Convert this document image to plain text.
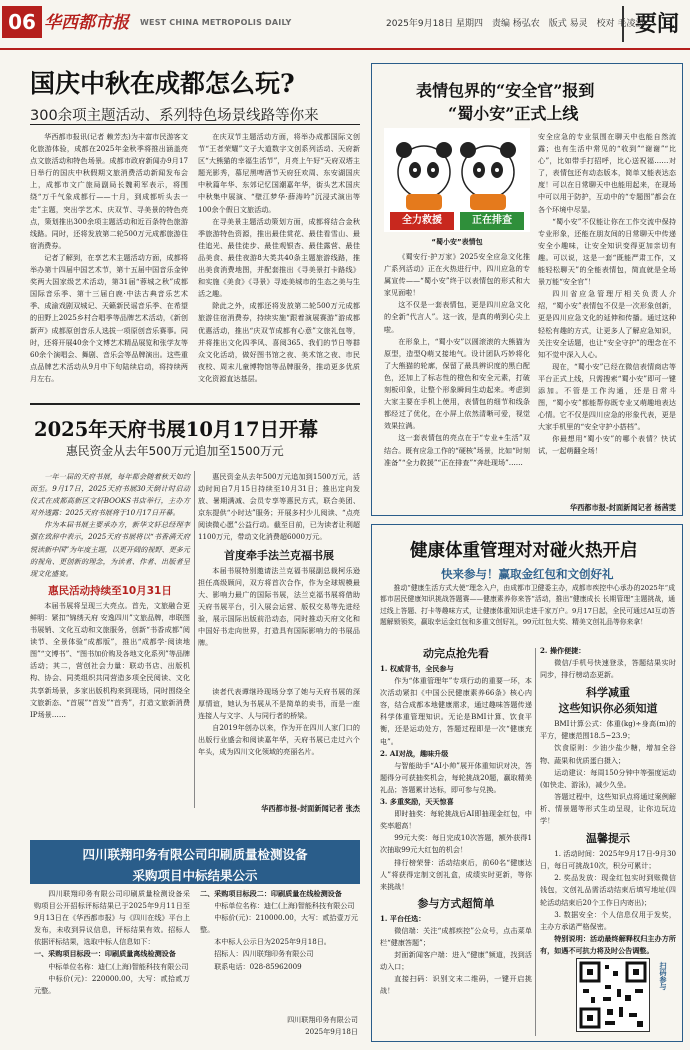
06 华西都市报 WEST CHINA METROPOLIS DAILY	2025年9月18日 星期四　责编 杨弘农　版式 易灵　校对 毛凌波
要闻
国庆中秋在成都怎么玩?
300余项主题活动、系列特色场景线路等你来

华西都市报讯(记者 赖芳杰)为丰富市民游客文化旅游体验，成都在2025年金秋季将推出涵盖亮点文旅活动和特色场景。成都市政府新闻办9月17日举行的国庆中秋假期文旅消费活动新闻发布会上，成都市文广旅局副局长魏莉军表示，将围绕“万千气象成都行——十月，到成都听头去一走”主题，突出学艺术、庆双节、寻美景的特色亮点，策划推出300余项主题活动和近百条特色旅游线路。同时，还将发放第二轮500万元成都旅游住宿消费券。

记者了解到，在享艺术主题活动方面，成都将举办第十四届中国艺术节，第十五届中国音乐金钟奖两大国家级艺术活动，第31届“蓉城之秋”成都国际音乐季、第十三届白鹿·中法古典音乐艺术季、成渝戏剧双城记、天籁新民谣音乐季、在希望的田野上2025乡村合唱季等品牌艺术活动，《新创新声》成都原创音乐人选拔一项原创音乐赛事。同时，还将开展40余个文博艺术精品展览和张学友等60余个演唱会、舞剧、音乐会等品牌演出。这些重点品牌艺术活动从9月中下旬陆续启动，将持续两月左右。

在庆双节主题活动方面，将举办成都国际文创节“王者荣耀”文子大道数字文创系列活动、天府新区“大熊猫的幸福生活节”，月亮上午好“天府双塔主题光影秀，慕尼黑啤酒节天府狂欢周、东安湖国庆中秋篇年华、东郊记忆国潮嘉年华，街头艺术国庆中秋集中展演、“壁江梦华·薛涛吟”沉浸式演出等100余个假日文旅活动。

在寻美景主题活动策划方面，成都将结合金秋季旅游特色资源，推出最佳赏花、最佳看雪山、最佳追光、最佳徒步、最佳观银杏、最佳露营、最佳品美食、最佳夜游8大类共40条主题旅游线路，推出美食消费地图，并配套推出《寻美景打卡路线》和实施《美食》《寻景》寻迹美城市的生态之美与生活之趣。

除此之外，成都还将发放第二轮500万元成都旅游住宿消费券，持续实施“跟着演展赛游”游成都优惠活动，推出“庆双节成都有心意”文旅礼包等，并将推出文化四季风、喜阅365、我们的节日等群众文化活动，做好图书馆之夜、美术馆之夜、市民夜校、周末儿童博物馆等品牌服务，推动更多优质文化资源直达基层。

2025年天府书展10月17日开幕
惠民资金从去年500万元追加至1500万元

一年一届的天府书展，每年都会随着秋天如约而至。9月17日，2025天府书展30天倒计时启动仪式在成都高新区文轩BOOKS书店举行，主办方对外透露：2025天府书展将于10月17日开幕。

作为本届书展主要承办方，新华文轩总经理李强在致辞中表示，2025天府书展将以“书香满天府 悦读新中国”为年度主题，以更开阔的视野、更多元的视角、更创新的理念，为读者、作者、出版者呈现文化盛宴。

惠民活动持续至10月31日

本届书展将呈现三大亮点。首先，文旅融合更鲜明：紧扣“锦绣天府 安逸四川”文旅品牌，串联图书展销、文化互动和文旅服务，创新“书香成都”阅读节、全景体验“成都版”，推出“成都学·阅读地图”“文博书”、“图书加价购及各地文化系列”等品牌活动；其二，营创社会力量：联动书店、出版机构、协会、同类组织共同营造多项全民阅读、文化共享新场景，多家出版机构来到现场，同时围绕全文旅新态、“首展”“首发”“首秀”，打造文旅新消费IP场景……

惠民资金从去年500万元追加到1500万元，活动时间自7月15日持续至10月31日；推出定向发放、暑期满减、会员专享等惠民方式，联合美团、京东提供“小时达”服务；开展多村少儿阅读、“点亮阅读微心愿”公益行动。截至目前，已为读者让利超1100万元，带动文化消费超6000万元。

首度牵手法兰克福书展

本届书展特别邀请法兰克福书展副总裁柯乐逊担任高级顾问，双方将首次合作，作为全球规模最大、影响力最广的国际书展，法兰克福书展将借助天府书展平台，引入展会运营、版权交易等先进经验，展示国际出版前沿动态，同时推动天府文化和中国好书走向世界，打造具有国际影响力的书展品牌。

读者代表谭继玲现场分享了她与天府书展的深厚情谊，她认为书展从不是简单的卖书，而是一座连接人与文字、人与同行者的桥梁。

自2019年创办以来，作为开在四川人家门口的出版行业盛会和阅读嘉年华，天府书展已走过六个年头，成为四川文化领域的亮丽名片。

华西都市报-封面新闻记者 张杰
表情包界的“安全官”报到
“蜀小安”正式上线
全力救援	正在排查
“蜀小安”表情包

《蜀安行·护万家》2025安全应急文化推广系列活动》正在火热进行中，四川应急的专属宣传——“蜀小安”终于以表情包的形式和大家见面啦！

这不仅是一套表情包，更是四川应急文化的全新“代言人”。这一波，是真的萌到心尖上啦。

在形象上，“蜀小安”以圆滚滚的大熊猫为原型，造型Q萌又接地气。设计团队巧妙将化了大熊猫的轮廓，保留了最具辨识度的黑白配色，还加上了标志性的橙色和安全元素，打破刻板印象，让整个形象瞬间生动起来。考虑到大家主要在手机上使用，表情包的细节和线条都经过了优化，在小屏上依然清晰可爱，视觉效果拉满。

这一套表情包的亮点在于“专业+生活”双结合。既有应急工作的“硬核”场景，比如“时刻准备”“全力救援”“正在排查”“奔赴现场”……

安全应急的专业氛围在聊天中也能自然流露；也有生活中常见的“收到”“谢谢”“比心”，比如带手打招呼，比心送祝福……对了，表情包还有动态版本，简单又能表达态度！可以在日常聊天中也能用起来，在现场中可以用于防护，互动中的“专题图”都会在各个环境中尽显。

“蜀小安”不仅能让你在工作交流中保持专业形象，还能在朋友间的日常聊天中传递安全小趣味，让安全知识变得更加亲切有趣。可以说，这是一套“既能严肃工作，又能轻松聊天”的全能表情包，简直就是全场景万能“安全官”！

四川省应急管理厅相关负责人介绍，“蜀小安”表情包不仅是一次形象创新，更是四川应急文化的延伸和传播。通过这种轻松有趣的方式，让更多人了解应急知识，关注安全话题，也让“安全守护”的理念在不知不觉中深入人心。

现在，“蜀小安”已经在微信表情商店等平台正式上线，只需搜索“蜀小安”即可一键添加。不管是工作沟通，还是日常斗图，“蜀小安”都能帮你既专业又萌趣地表达心情。它不仅是四川应急的形象代表，更是大家手机里的“安全守护小搭档”。

你最想用“蜀小安”的哪个表情？快试试，一起萌翻全场！

华西都市报-封面新闻记者 杨茜雯
健康体重管理对对碰火热开启
快来参与！赢取金红包和文创好礼

推动“健康生活方式大使”理念入户，由成都市卫健委主办，成都市疾控中心承办的2025年“成都市居民健康知识挑战答题赛——健康素养你来答”活动，推出“健康成长 长期管理”主题挑战，通过线上答题、打卡等趣味方式，让健康体重知识走进千家万户。9月17日起，全民可通过AI互动答题解锁领奖，赢取幸运金红包和多重文创好礼，99元红包大奖、精美文创礼品等你来拿！

动完点抢先看
1. 权威背书，全民参与

作为“体重管理年”专项行动的重要一环，本次活动紧扣《中国公民健康素养66条》核心内容，结合成都本地健康需求，通过趣味答题传递科学体重管理知识。无论是BMI计算、饮食平衡，还是运动处方，答题过程即是一次“健康充电”。

2. AI对战，趣味升级

与智能助手“AI小帅”展开体重知识对决，答题得分可获抽奖机会，每轮挑战20题，赢取精美礼品；答题累计达标，即可参与兑换。

3. 多重奖励，天天惊喜

即时抽奖：每轮挑战后AI即抽现金红包，中奖率超高！

99元大奖：每日完成10次答题，额外获得1次抽取99元大红包的机会！

排行榜荣誉：活动结束后，前60名“健康达人”将获得定制文创礼盒，成绩实时更新，等你来挑战！

参与方式超简单
1. 平台任选：

微信端：关注“成都疾控”公众号，点击菜单栏“健康答题”；

封面新闻客户端：进入“健康”频道，找到活动入口；

直接扫码：识别文末二维码，一键开启挑战！

2. 操作便捷：

微信/手机号快速登录，答题结果实时同步，排行榜动态更新。

科学减重
这些知识你必须知道

BMI计算公式：体重(kg)÷身高(m)的平方，健康范围18.5~23.9；

饮食原则：少油少盐少糖，增加全谷物、蔬果和优质蛋白摄入；

运动建议：每周150分钟中等强度运动(如快走、游泳)，减少久坐。

答题过程中，这些知识点将通过案例解析、情景题等形式生动呈现，让你边玩边学！

温馨提示

1. 活动时间：2025年9月17日-9月30日，每日可挑战10次，积分可累计；

2. 奖品发放：现金红包实时到账微信钱包，文创礼品需活动结束后填写地址(四轮活动结束后20个工作日内寄出)；

3. 数据安全：个人信息仅用于发奖，主办方承诺严格保密。

特别说明：活动最终解释权归主办方所有，如遇不可抗力将及时公告调整。

扫码参与
四川联翔印务有限公司印刷质量检测设备
采购项目中标结果公示

四川联翔印务有限公司印刷质量检测设备采购项目公开招标评标结果已于2025年9月11日至9月13日在《华西都市报》与《四川在线》平台上发布，未收到异议信息，评标结果有效。招标人依据评标结果，选取中标人信息如下：

一、采购项目标段一：印刷质量离线检测设备

中标单位名称：迪仁(上海)智能科技有限公司

中标价(元)：220000.00，大写：贰拾贰万元整。

二、采购项目标段二：印刷质量在线检测设备

中标单位名称：迪仁(上海)智能科技有限公司

中标价(元)：210000.00，大写：贰拾壹万元整。

本中标人公示日为2025年9月18日。

招标人：四川联翔印务有限公司

联系电话：028-85962009

四川联翔印务有限公司
2025年9月18日
